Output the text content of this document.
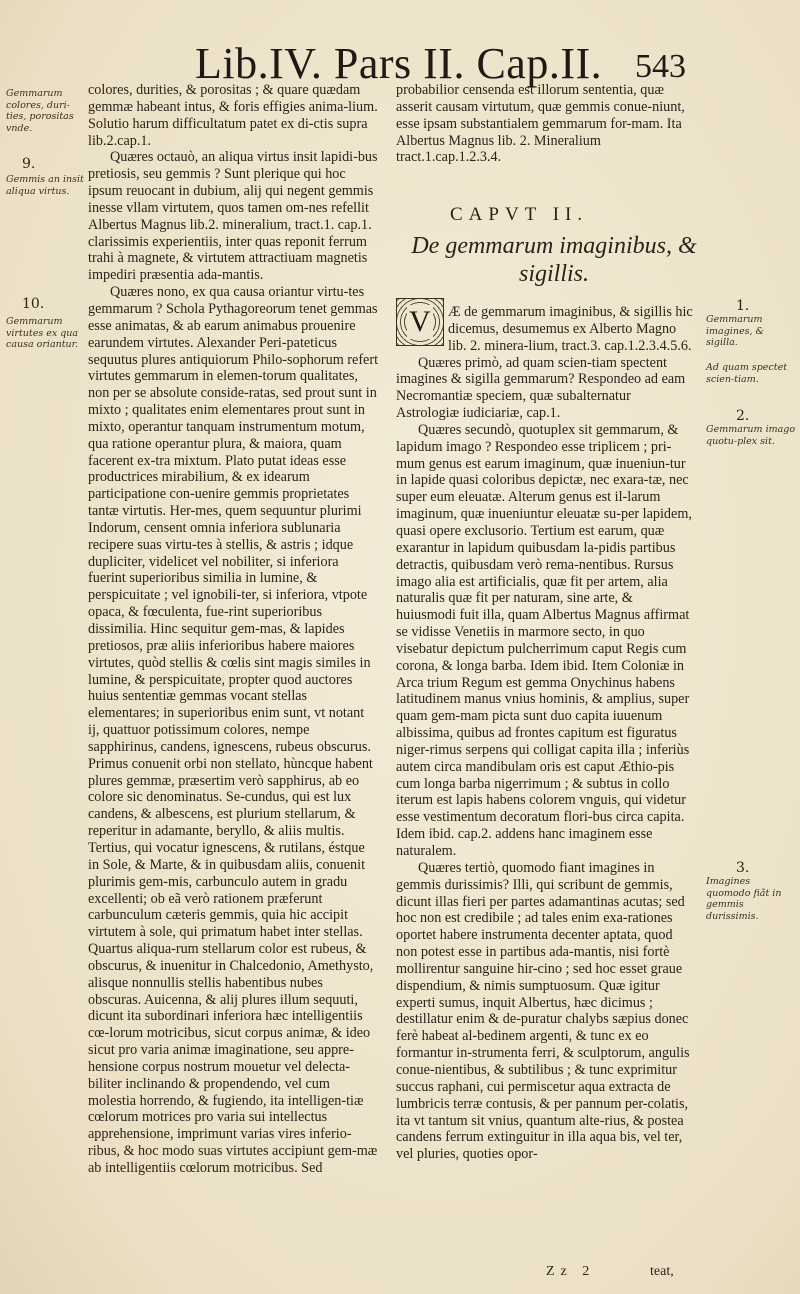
Lib.IV. Pars II. Cap.II. 543
Gemmarum colores, duri-ties, porositas vnde.
9.
Gemmis an insit aliqua virtus.
10.
Gemmarum virtutes ex qua causa oriantur.

colores, durities, & porositas ; & quare quædam gemmæ habeant intus, & foris effigies anima-lium. Solutio harum difficultatum patet ex di-ctis supra lib.2.cap.1.

Quæres octauò, an aliqua virtus insit lapidi-bus pretiosis, seu gemmis ? Sunt plerique qui hoc ipsum reuocant in dubium, alij qui negent gemmis inesse vllam virtutem, quos tamen om-nes refellit Albertus Magnus lib.2. mineralium, tract.1. cap.1. clarissimis experientiis, inter quas reponit ferrum trahi à magnete, & virtutem attractiuam magnetis impediri præsentia ada-mantis.

Quæres nono, ex qua causa oriantur virtu-tes gemmarum ? Schola Pythagoreorum tenet gemmas esse animatas, & ab earum animabus prouenire earundem virtutes. Alexander Peri-pateticus sequutus plures antiquiorum Philo-sophorum refert virtutes gemmarum in elemen-torum qualitates, non per se absolute conside-ratas, sed prout sunt in mixto ; qualitates enim elementares prout sunt in mixto, operantur tanquam instrumentum motum, qua ratione operantur plura, & maiora, quam facerent ex-tra mixtum. Plato putat ideas esse productrices mirabilium, & ex idearum participatione con-uenire gemmis proprietates tantæ virtutis. Her-mes, quem sequuntur plurimi Indorum, censent omnia inferiora sublunaria recipere suas virtu-tes à stellis, & astris ; idque dupliciter, videlicet vel nobiliter, si inferiora fuerint superioribus similia in lumine, & perspicuitate ; vel ignobili-ter, si inferiora, vtpote opaca, & fœculenta, fue-rint superioribus dissimilia. Hinc sequitur gem-mas, & lapides pretiosos, præ aliis inferioribus habere maiores virtutes, quòd stellis & cœlis sint magis similes in lumine, & perspicuitate, propter quod auctores huius sententiæ gemmas vocant stellas elementares; in superioribus enim sunt, vt notant ij, quattuor potissimum colores, nempe sapphirinus, candens, ignescens, rubeus obscurus. Primus conuenit orbi non stellato, hùncque habent plures gemmæ, præsertim verò sapphirus, ab eo colore sic denominatus. Se-cundus, qui est lux candens, & albescens, est plurium stellarum, & reperitur in adamante, beryllo, & aliis multis. Tertius, qui vocatur ignescens, & rutilans, éstque in Sole, & Marte, & in quibusdam aliis, conuenit plurimis gem-mis, carbunculo autem in gradu excellenti; ob eã verò rationem præferunt carbunculum cæteris gemmis, quia hic accipit virtutem à sole, qui primatum habet inter stellas. Quartus aliqua-rum stellarum color est rubeus, & obscurus, & inuenitur in Chalcedonio, Amethysto, alisque nonnullis stellis habentibus nubes obscuras. Auicenna, & alij plures illum sequuti, dicunt ita subordinari inferiora hæc intelligentiis cœ-lorum motricibus, sicut corpus animæ, & ideo sicut pro varia animæ imaginatione, seu appre-hensione corpus nostrum mouetur vel delecta-biliter inclinando & propendendo, vel cum molestia horrendo, & fugiendo, ita intelligen-tiæ cœlorum motrices pro varia sui intellectus apprehensione, imprimunt varias vires inferio-ribus, & hoc modo suas virtutes accipiunt gem-mæ ab intelligentiis cœlorum motricibus. Sed

probabilior censenda est illorum sententia, quæ asserit causam virtutum, quæ gemmis conue-niunt, esse ipsam substantialem gemmarum for-mam. Ita Albertus Magnus lib. 2. Mineralium tract.1.cap.1.2.3.4.

CAPVT II.
De gemmarum imaginibus, & sigillis.
V	1.
Gemmarum imagines, & sigilla.
Ad quam spectet scien-tiam.
2.
Gemmarum imago quotu-plex sit.
3.
Imagines quomodo fiãt in gemmis durissimis.

Æ de gemmarum imaginibus, & sigillis hic dicemus, desumemus ex Alberto Magno lib. 2. minera-lium, tract.3. cap.1.2.3.4.5.6.

Quæres primò, ad quam scien-tiam spectent imagines & sigilla gemmarum? Respondeo ad eam Necromantiæ speciem, quæ subalternatur Astrologiæ iudiciariæ, cap.1.

Quæres secundò, quotuplex sit gemmarum, & lapidum imago ? Respondeo esse triplicem ; pri-mum genus est earum imaginum, quæ inueniun-tur in lapide quasi coloribus depictæ, nec exara-tæ, nec super eum eleuatæ. Alterum genus est il-larum imaginum, quæ inueniuntur eleuatæ su-per lapidem, quasi opere exclusorio. Tertium est earum, quæ exarantur in lapidum quibusdam la-pidis partibus detractis, quibusdam verò rema-nentibus. Rursus imago alia est artificialis, quæ fit per artem, alia naturalis quæ fit per naturam, sine arte, & huiusmodi fuit illa, quam Albertus Magnus affirmat se vidisse Venetiis in marmore secto, in quo visebatur depictum pulcherrimum caput Regis cum corona, & longa barba. Idem ibid. Item Coloniæ in Arca trium Regum est gemma Onychinus habens latitudinem manus vnius hominis, & amplius, super quam gem-mam picta sunt duo capita iuuenum albissima, quibus ad frontes capitum est figuratus niger-rimus serpens qui colligat capita illa ; inferiùs autem circa mandibulam oris est caput Æthio-pis cum longa barba nigerrimum ; & subtus in collo iterum est lapis habens colorem vnguis, qui videtur esse vestimentum decoratum flori-bus circa capita. Idem ibid. cap.2. addens hanc imaginem esse naturalem.

Quæres tertiò, quomodo fiant imagines in gemmis durissimis? Illi, qui scribunt de gemmis, dicunt illas fieri per partes adamantinas acutas; sed hoc non est credibile ; ad tales enim exa-rationes oportet habere instrumenta decenter aptata, quod non potest esse in partibus ada-mantis, nisi fortè mollirentur sanguine hir-cino ; sed hoc esset graue dispendium, & nimis sumptuosum. Quæ igitur experti sumus, inquit Albertus, hæc dicimus ; destillatur enim & de-puratur chalybs sæpius donec ferè habeat al-bedinem argenti, & tunc ex eo formantur in-strumenta ferri, & sculptorum, angulis conue-nientibus, & subtilibus ; & tunc exprimitur succus raphani, cui permiscetur aqua extracta de lumbricis terræ contusis, & per pannum per-colatis, ita vt tantum sit vnius, quantum alte-rius, & postea candens ferrum extinguitur in illa aqua bis, vel ter, vel pluries, quoties opor-

Zz 2	teat,
